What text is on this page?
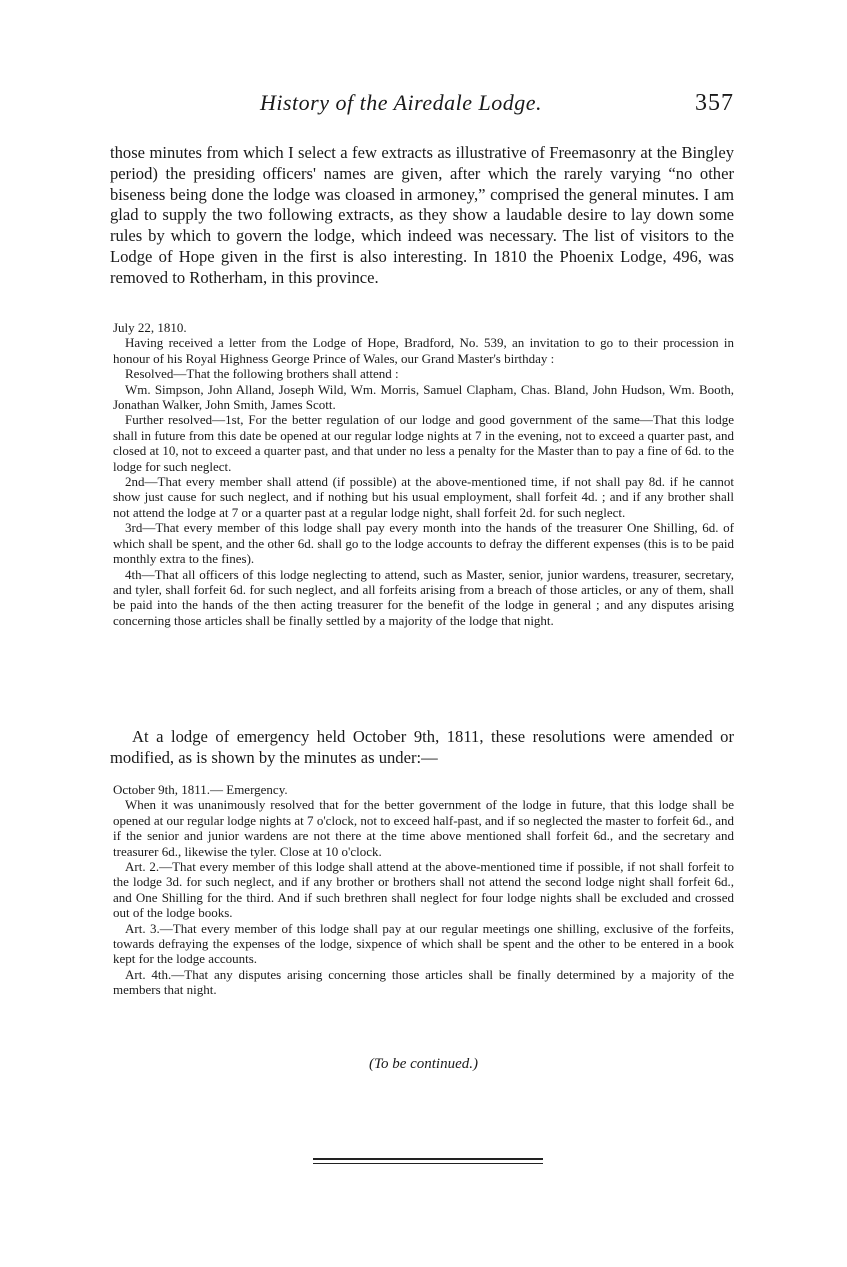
History of the Airedale Lodge.	357

those minutes from which I select a few extracts as illustrative of Freemasonry at the Bingley period) the presiding officers' names are given, after which the rarely varying “no other biseness being done the lodge was cloased in armoney,” comprised the general minutes. I am glad to supply the two following extracts, as they show a laudable desire to lay down some rules by which to govern the lodge, which indeed was necessary. The list of visitors to the Lodge of Hope given in the first is also interesting. In 1810 the Phoenix Lodge, 496, was removed to Rotherham, in this province.

July 22, 1810.

Having received a letter from the Lodge of Hope, Bradford, No. 539, an invitation to go to their procession in honour of his Royal Highness George Prince of Wales, our Grand Master's birthday :

Resolved—That the following brothers shall attend :

Wm. Simpson, John Alland, Joseph Wild, Wm. Morris, Samuel Clapham, Chas. Bland, John Hudson, Wm. Booth, Jonathan Walker, John Smith, James Scott.

Further resolved—1st, For the better regulation of our lodge and good government of the same—That this lodge shall in future from this date be opened at our regular lodge nights at 7 in the evening, not to exceed a quarter past, and closed at 10, not to exceed a quarter past, and that under no less a penalty for the Master than to pay a fine of 6d. to the lodge for such neglect.

2nd—That every member shall attend (if possible) at the above-mentioned time, if not shall pay 8d. if he cannot show just cause for such neglect, and if nothing but his usual employment, shall forfeit 4d. ; and if any brother shall not attend the lodge at 7 or a quarter past at a regular lodge night, shall forfeit 2d. for such neglect.

3rd—That every member of this lodge shall pay every month into the hands of the treasurer One Shilling, 6d. of which shall be spent, and the other 6d. shall go to the lodge accounts to defray the different expenses (this is to be paid monthly extra to the fines).

4th—That all officers of this lodge neglecting to attend, such as Master, senior, junior wardens, treasurer, secretary, and tyler, shall forfeit 6d. for such neglect, and all forfeits arising from a breach of those articles, or any of them, shall be paid into the hands of the then acting treasurer for the benefit of the lodge in general ; and any disputes arising concerning those articles shall be finally settled by a majority of the lodge that night.

At a lodge of emergency held October 9th, 1811, these resolutions were amended or modified, as is shown by the minutes as under:—

October 9th, 1811.— Emergency.

When it was unanimously resolved that for the better government of the lodge in future, that this lodge shall be opened at our regular lodge nights at 7 o'clock, not to exceed half-past, and if so neglected the master to forfeit 6d., and if the senior and junior wardens are not there at the time above mentioned shall forfeit 6d., and the secretary and treasurer 6d., likewise the tyler. Close at 10 o'clock.

Art. 2.—That every member of this lodge shall attend at the above-mentioned time if possible, if not shall forfeit to the lodge 3d. for such neglect, and if any brother or brothers shall not attend the second lodge night shall forfeit 6d., and One Shilling for the third. And if such brethren shall neglect for four lodge nights shall be excluded and crossed out of the lodge books.

Art. 3.—That every member of this lodge shall pay at our regular meetings one shilling, exclusive of the forfeits, towards defraying the expenses of the lodge, sixpence of which shall be spent and the other to be entered in a book kept for the lodge accounts.

Art. 4th.—That any disputes arising concerning those articles shall be finally determined by a majority of the members that night.

(To be continued.)
